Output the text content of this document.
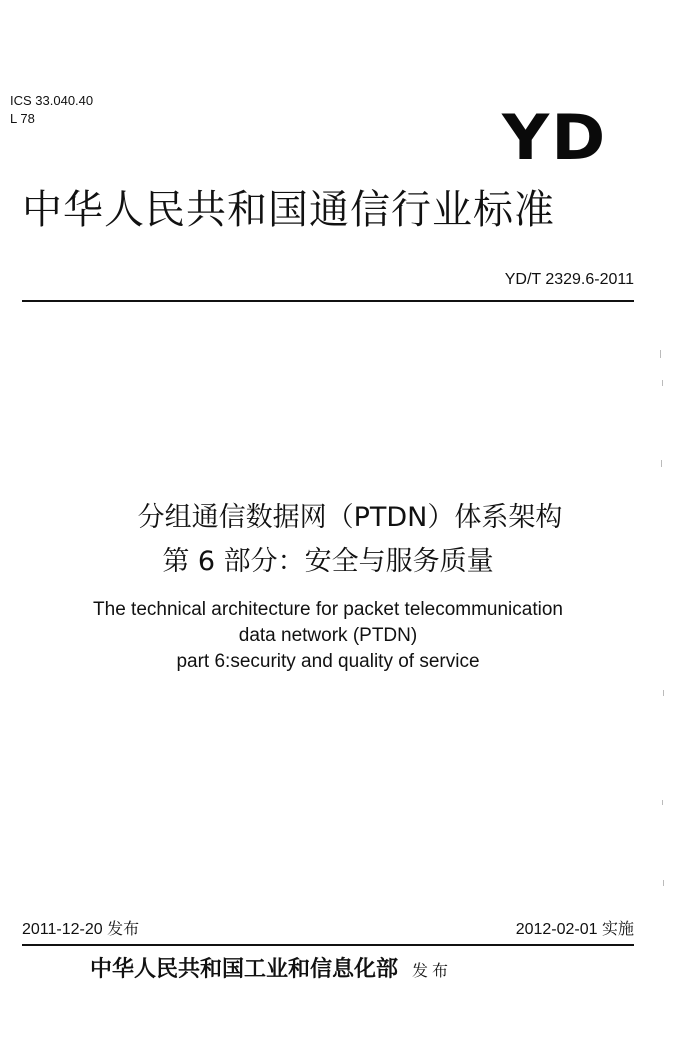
ICS 33.040.40
L 78	YD
中华人民共和国通信行业标准
YD/T 2329.6-2011
分组通信数据网（PTDN）体系架构
第 6 部分：安全与服务质量
The technical architecture for packet telecommunication
data network (PTDN)
part 6:security and quality of service
2011-12-20 发布	2012-02-01 实施
中华人民共和国工业和信息化部 发布
